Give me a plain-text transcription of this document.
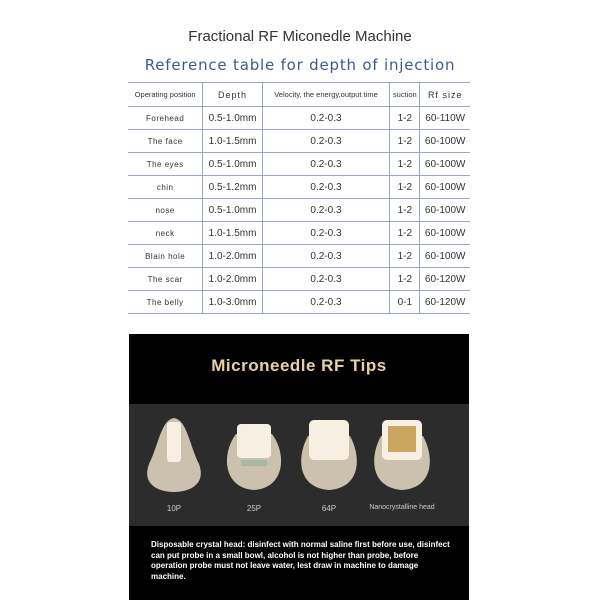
Fractional RF Miconedle Machine
Reference table for depth of injection
Operating position	Depth	Velocity, the energy,output time	suction	Rf size
Forehead	0.5-1.0mm	0.2-0.3	1-2	60-110W
The face	1.0-1.5mm	0.2-0.3	1-2	60-100W
The eyes	0.5-1.0mm	0.2-0.3	1-2	60-100W
chin	0.5-1.2mm	0.2-0.3	1-2	60-100W
nose	0.5-1.0mm	0.2-0.3	1-2	60-100W
neck	1.0-1.5mm	0.2-0.3	1-2	60-100W
Blain hole	1.0-2.0mm	0.2-0.3	1-2	60-100W
The scar	1.0-2.0mm	0.2-0.3	1-2	60-120W
The belly	1.0-3.0mm	0.2-0.3	0-1	60-120W
Microneedle RF Tips
10P	25P	64P	Nanocrystalline head
Disposable crystal head: disinfect with normal saline first before use, disinfect can put probe in a small bowl, alcohol is not higher than probe, before operation probe must not leave water, lest draw in machine to damage machine.
